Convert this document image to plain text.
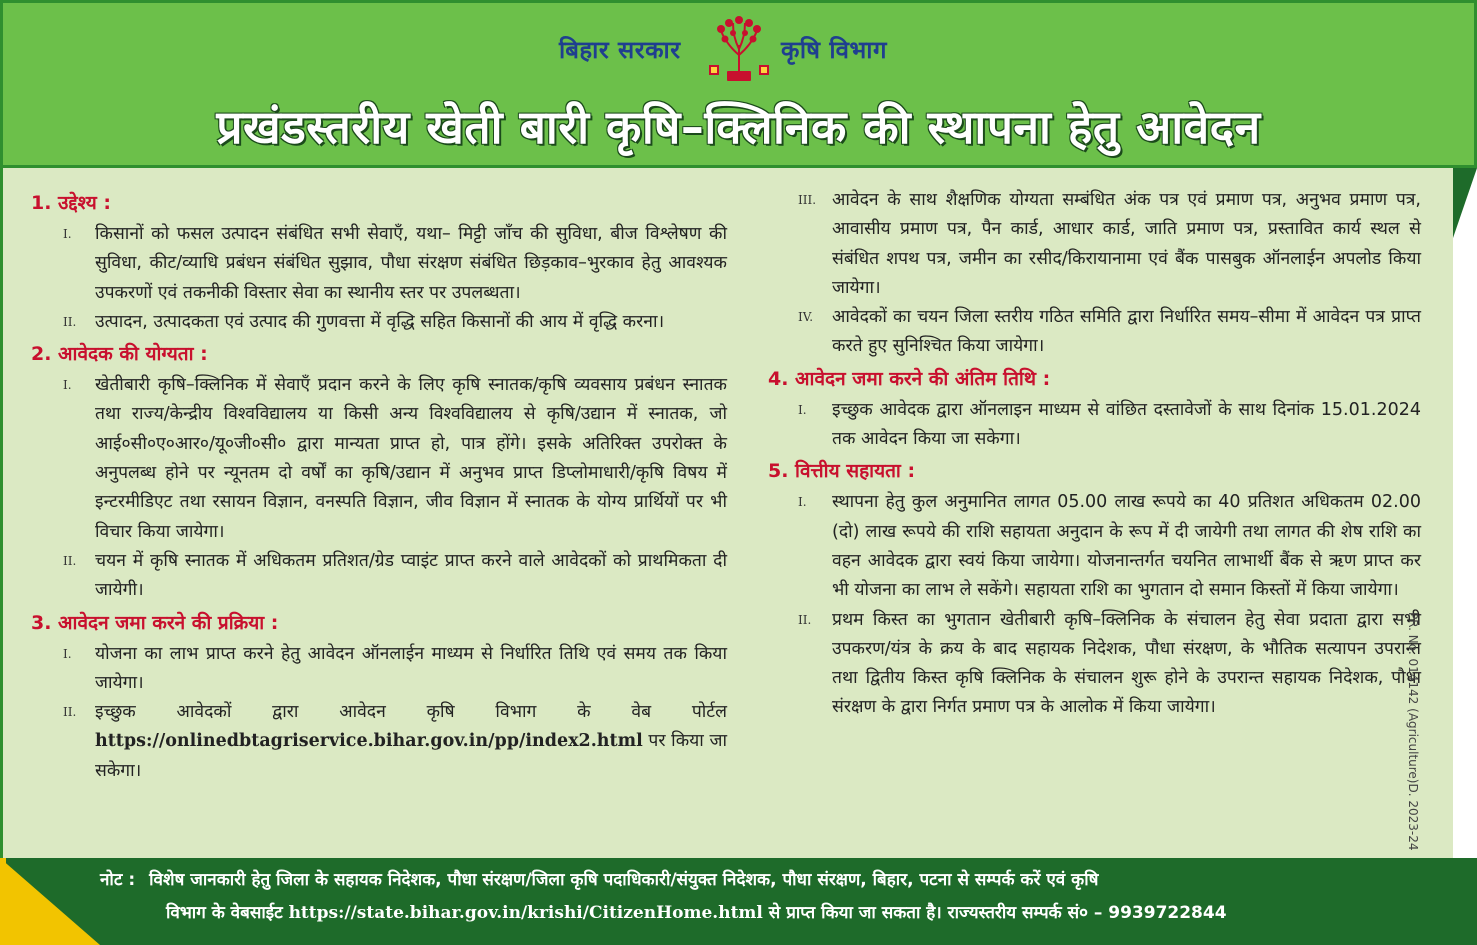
बिहार सरकार	कृषि विभाग
प्रखंडस्तरीय खेती बारी कृषि–क्लिनिक की स्थापना हेतु आवेदन
1. उद्देश्य :
I.	किसानों को फसल उत्पादन संबंधित सभी सेवाएँ, यथा– मिट्टी जाँच की सुविधा, बीज विश्लेषण की सुविधा, कीट/व्याधि प्रबंधन संबंधित सुझाव, पौधा संरक्षण संबंधित छिड़काव–भुरकाव हेतु आवश्यक उपकरणों एवं तकनीकी विस्तार सेवा का स्थानीय स्तर पर उपलब्धता।
II.	उत्पादन, उत्पादकता एवं उत्पाद की गुणवत्ता में वृद्धि सहित किसानों की आय में वृद्धि करना।
2. आवेदक की योग्यता :
I.	खेतीबारी कृषि–क्लिनिक में सेवाएँ प्रदान करने के लिए कृषि स्नातक/कृषि व्यवसाय प्रबंधन स्नातक तथा राज्य/केन्द्रीय विश्वविद्यालय या किसी अन्य विश्वविद्यालय से कृषि/उद्यान में स्नातक, जो आई०सी०ए०आर०/यू०जी०सी० द्वारा मान्यता प्राप्त हो, पात्र होंगे। इसके अतिरिक्त उपरोक्त के अनुपलब्ध होने पर न्यूनतम दो वर्षों का कृषि/उद्यान में अनुभव प्राप्त डिप्लोमाधारी/कृषि विषय में इन्टरमीडिएट तथा रसायन विज्ञान, वनस्पति विज्ञान, जीव विज्ञान में स्नातक के योग्य प्रार्थियों पर भी विचार किया जायेगा।
II.	चयन में कृषि स्नातक में अधिकतम प्रतिशत/ग्रेड प्वाइंट प्राप्त करने वाले आवेदकों को प्राथमिकता दी जायेगी।
3. आवेदन जमा करने की प्रक्रिया :
I.	योजना का लाभ प्राप्त करने हेतु आवेदन ऑनलाईन माध्यम से निर्धारित तिथि एवं समय तक किया जायेगा।
II.	इच्छुक आवेदकों द्वारा आवेदन कृषि विभाग के वेब पोर्टल https://onlinedbtagriservice.bihar.gov.in/pp/index2.html पर किया जा सकेगा।
III. आवेदन के साथ शैक्षणिक योग्यता सम्बंधित अंक पत्र एवं प्रमाण पत्र, अनुभव प्रमाण पत्र, आवासीय प्रमाण पत्र, पैन कार्ड, आधार कार्ड, जाति प्रमाण पत्र, प्रस्तावित कार्य स्थल से संबंधित शपथ पत्र, जमीन का रसीद/किरायानामा एवं बैंक पासबुक ऑनलाईन अपलोड किया जायेगा।
IV.	आवेदकों का चयन जिला स्तरीय गठित समिति द्वारा निर्धारित समय–सीमा में आवेदन पत्र प्राप्त करते हुए सुनिश्चित किया जायेगा।
4. आवेदन जमा करने की अंतिम तिथि :
I.	इच्छुक आवेदक द्वारा ऑनलाइन माध्यम से वांछित दस्तावेजों के साथ दिनांक 15.01.2024 तक आवेदन किया जा सकेगा।
5. वित्तीय सहायता :
I.	स्थापना हेतु कुल अनुमानित लागत 05.00 लाख रूपये का 40 प्रतिशत अधिकतम 02.00 (दो) लाख रूपये की राशि सहायता अनुदान के रूप में दी जायेगी तथा लागत की शेष राशि का वहन आवेदक द्वारा स्वयं किया जायेगा। योजनान्तर्गत चयनित लाभार्थी बैंक से ऋण प्राप्त कर भी योजना का लाभ ले सकेंगे। सहायता राशि का भुगतान दो समान किस्तों में किया जायेगा।
II.	प्रथम किस्त का भुगतान खेतीबारी कृषि–क्लिनिक के संचालन हेतु सेवा प्रदाता द्वारा सभी उपकरण/यंत्र के क्रय के बाद सहायक निदेशक, पौधा संरक्षण, के भौतिक सत्यापन उपरान्त तथा द्वितीय किस्त कृषि क्लिनिक के संचालन शुरू होने के उपरान्त सहायक निदेशक, पौधा संरक्षण के द्वारा निर्गत प्रमाण पत्र के आलोक में किया जायेगा।	PR. No. 014142 (Agriculture)D. 2023-24
नोट : विशेष जानकारी हेतु जिला के सहायक निदेशक, पौधा संरक्षण/जिला कृषि पदाधिकारी/संयुक्त निदेशक, पौधा संरक्षण, बिहार, पटना से सम्पर्क करें एवं कृषि
विभाग के वेबसाईट https://state.bihar.gov.in/krishi/CitizenHome.html से प्राप्त किया जा सकता है। राज्यस्तरीय सम्पर्क सं० – 9939722844
